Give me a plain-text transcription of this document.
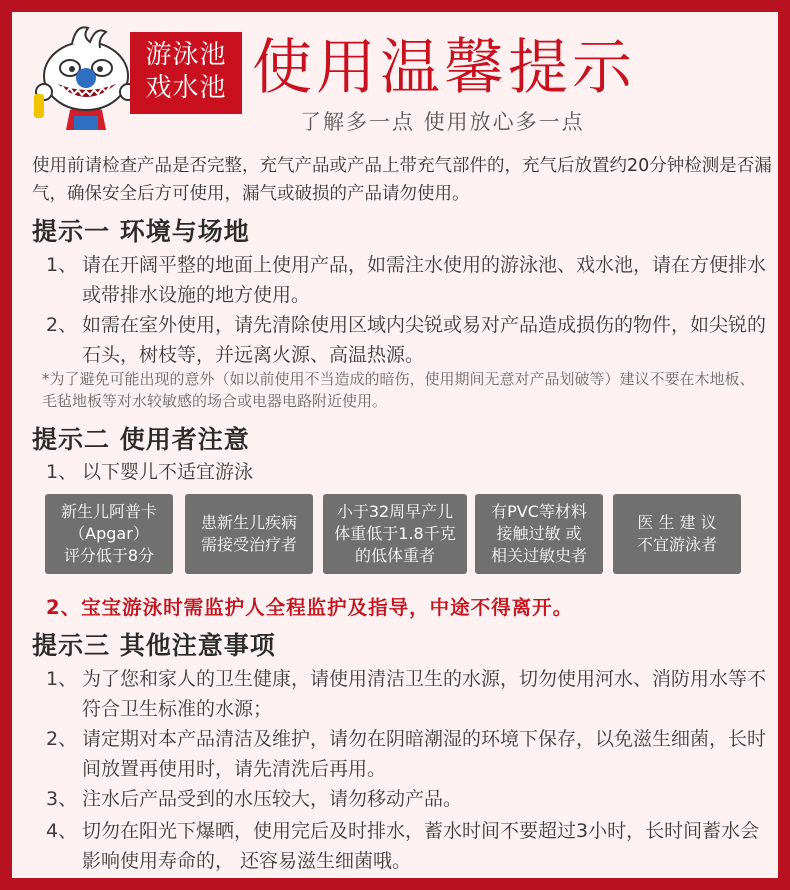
游泳池
戏水池 使用温馨提示
了解多一点 使用放心多一点
使用前请检查产品是否完整，充气产品或产品上带充气部件的，充气后放置约20分钟检测是否漏气，确保安全后方可使用，漏气或破损的产品请勿使用。
提示一 环境与场地
1、 请在开阔平整的地面上使用产品，如需注水使用的游泳池、戏水池，请在方便排水或带排水设施的地方使用。
2、 如需在室外使用，请先清除使用区域内尖锐或易对产品造成损伤的物件，如尖锐的石头，树枝等，并远离火源、高温热源。
*为了避免可能出现的意外（如以前使用不当造成的暗伤，使用期间无意对产品划破等）建议不要在木地板、毛毡地板等对水较敏感的场合或电器电路附近使用。
提示二 使用者注意
1、 以下婴儿不适宜游泳
新生儿阿普卡
（Apgar）
评分低于8分
患新生儿疾病
需接受治疗者
小于32周早产儿
体重低于1.8千克
的低体重者
有PVC等材料
接触过敏 或
相关过敏史者
医 生 建 议
不宜游泳者
2、宝宝游泳时需监护人全程监护及指导，中途不得离开。
提示三 其他注意事项
1、 为了您和家人的卫生健康，请使用清洁卫生的水源，切勿使用河水、消防用水等不符合卫生标准的水源；
2、 请定期对本产品清洁及维护，请勿在阴暗潮湿的环境下保存，以免滋生细菌，长时间放置再使用时，请先清洗后再用。
3、 注水后产品受到的水压较大，请勿移动产品。
4、 切勿在阳光下爆晒，使用完后及时排水，蓄水时间不要超过3小时，长时间蓄水会影响使用寿命的， 还容易滋生细菌哦。
